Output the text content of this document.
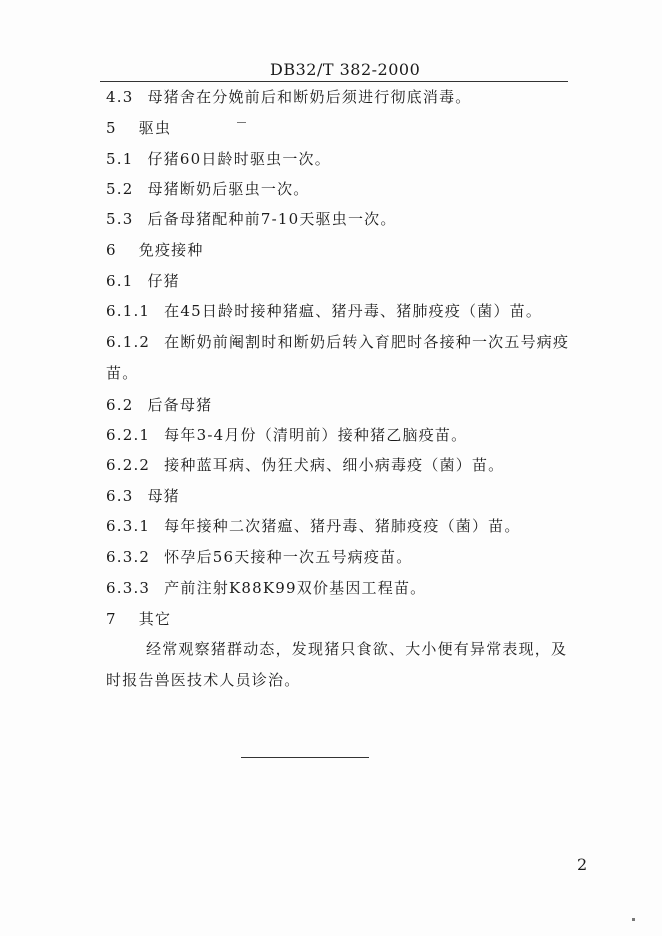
DB32/T 382-2000
4.3 母猪舍在分娩前后和断奶后须进行彻底消毒。
5 驱虫
5.1 仔猪60日龄时驱虫一次。
5.2 母猪断奶后驱虫一次。
5.3 后备母猪配种前7-10天驱虫一次。
6 免疫接种
6.1 仔猪
6.1.1 在45日龄时接种猪瘟、猪丹毒、猪肺疫疫（菌）苗。
6.1.2 在断奶前阉割时和断奶后转入育肥时各接种一次五号病疫
苗。
6.2 后备母猪
6.2.1 每年3-4月份（清明前）接种猪乙脑疫苗。
6.2.2 接种蓝耳病、伪狂犬病、细小病毒疫（菌）苗。
6.3 母猪
6.3.1 每年接种二次猪瘟、猪丹毒、猪肺疫疫（菌）苗。
6.3.2 怀孕后56天接种一次五号病疫苗。
6.3.3 产前注射K88K99双价基因工程苗。
7 其它
经常观察猪群动态，发现猪只食欲、大小便有异常表现，及
时报告兽医技术人员诊治。
2
